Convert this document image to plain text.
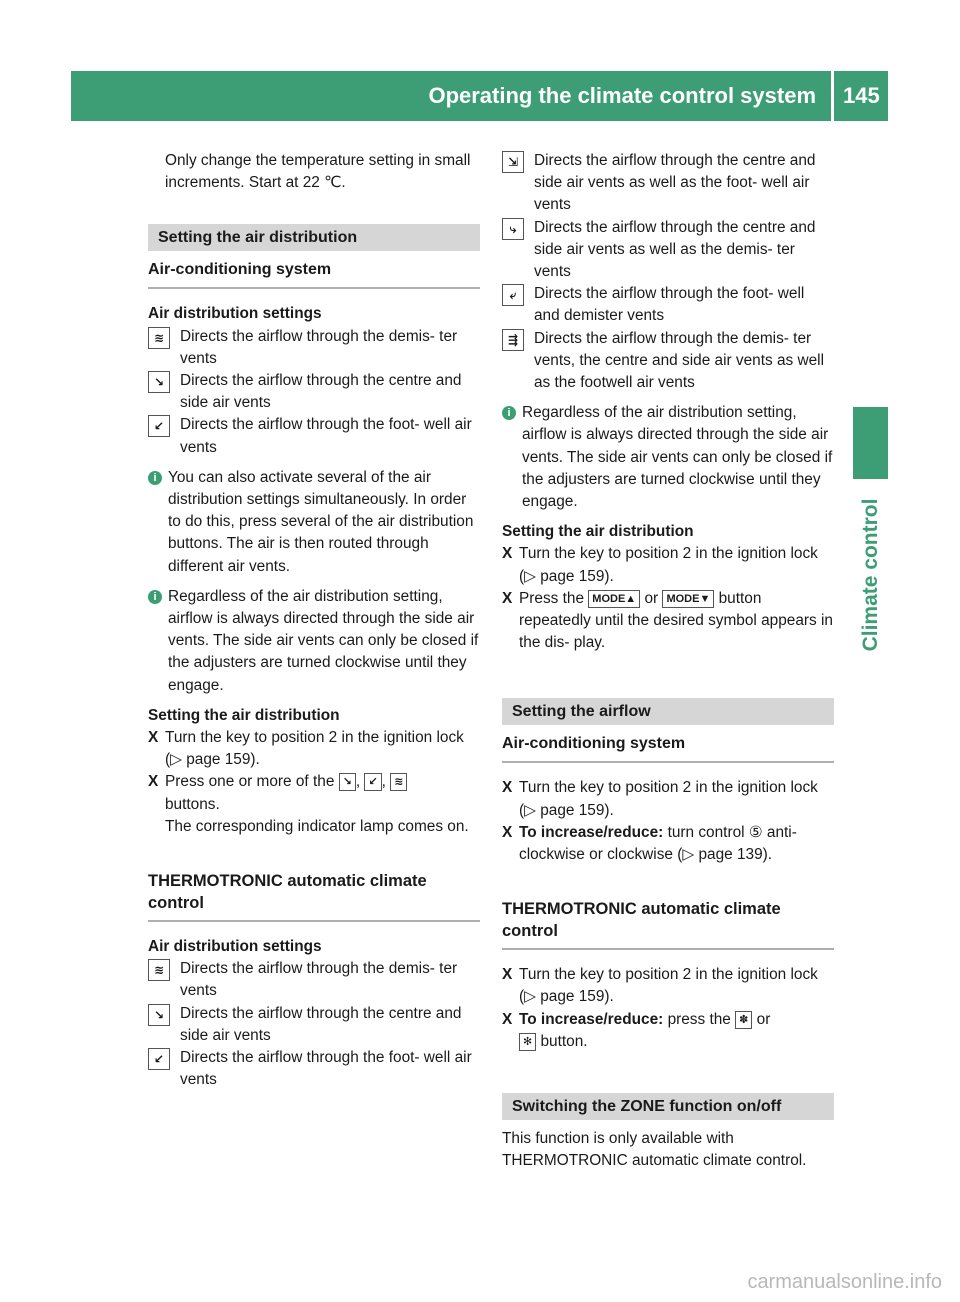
Operating the climate control system 145
Climate control
Only change the temperature setting in small increments. Start at 22 ℃.
Setting the air distribution
Air-conditioning system
Air distribution settings
≋	Directs the airflow through the demis- ter vents
↘	Directs the airflow through the centre and side air vents
↙	Directs the airflow through the foot- well air vents
i You can also activate several of the air distribution settings simultaneously. In order to do this, press several of the air distribution buttons. The air is then routed through different air vents.
i Regardless of the air distribution setting, airflow is always directed through the side air vents. The side air vents can only be closed if the adjusters are turned clockwise until they engage.
Setting the air distribution
X Turn the key to position 2 in the ignition lock (▷ page 159).
X Press one or more of the ↘ , ↙ , ≋
buttons.
The corresponding indicator lamp comes on.
THERMOTRONIC automatic climate control
Air distribution settings
≋	Directs the airflow through the demis- ter vents
↘	Directs the airflow through the centre and side air vents
↙	Directs the airflow through the foot- well air vents
⇲	Directs the airflow through the centre and side air vents as well as the foot- well air vents
⤷	Directs the airflow through the centre and side air vents as well as the demis- ter vents
⤶	Directs the airflow through the foot- well and demister vents
⇶	Directs the airflow through the demis- ter vents, the centre and side air vents as well as the footwell air vents
i Regardless of the air distribution setting, airflow is always directed through the side air vents. The side air vents can only be closed if the adjusters are turned clockwise until they engage.
Setting the air distribution
X Turn the key to position 2 in the ignition lock (▷ page 159).
X Press the MODE▲ or MODE▼ button repeatedly until the desired symbol appears in the dis- play.
Setting the airflow
Air-conditioning system
X Turn the key to position 2 in the ignition lock (▷ page 159).
X To increase/reduce: turn control ⑤ anti- clockwise or clockwise (▷ page 139).
THERMOTRONIC automatic climate control
X Turn the key to position 2 in the ignition lock (▷ page 159).
X To increase/reduce: press the ✽ or
✻ button.
Switching the ZONE function on/off
This function is only available with THERMOTRONIC automatic climate control.
carmanualsonline.info
